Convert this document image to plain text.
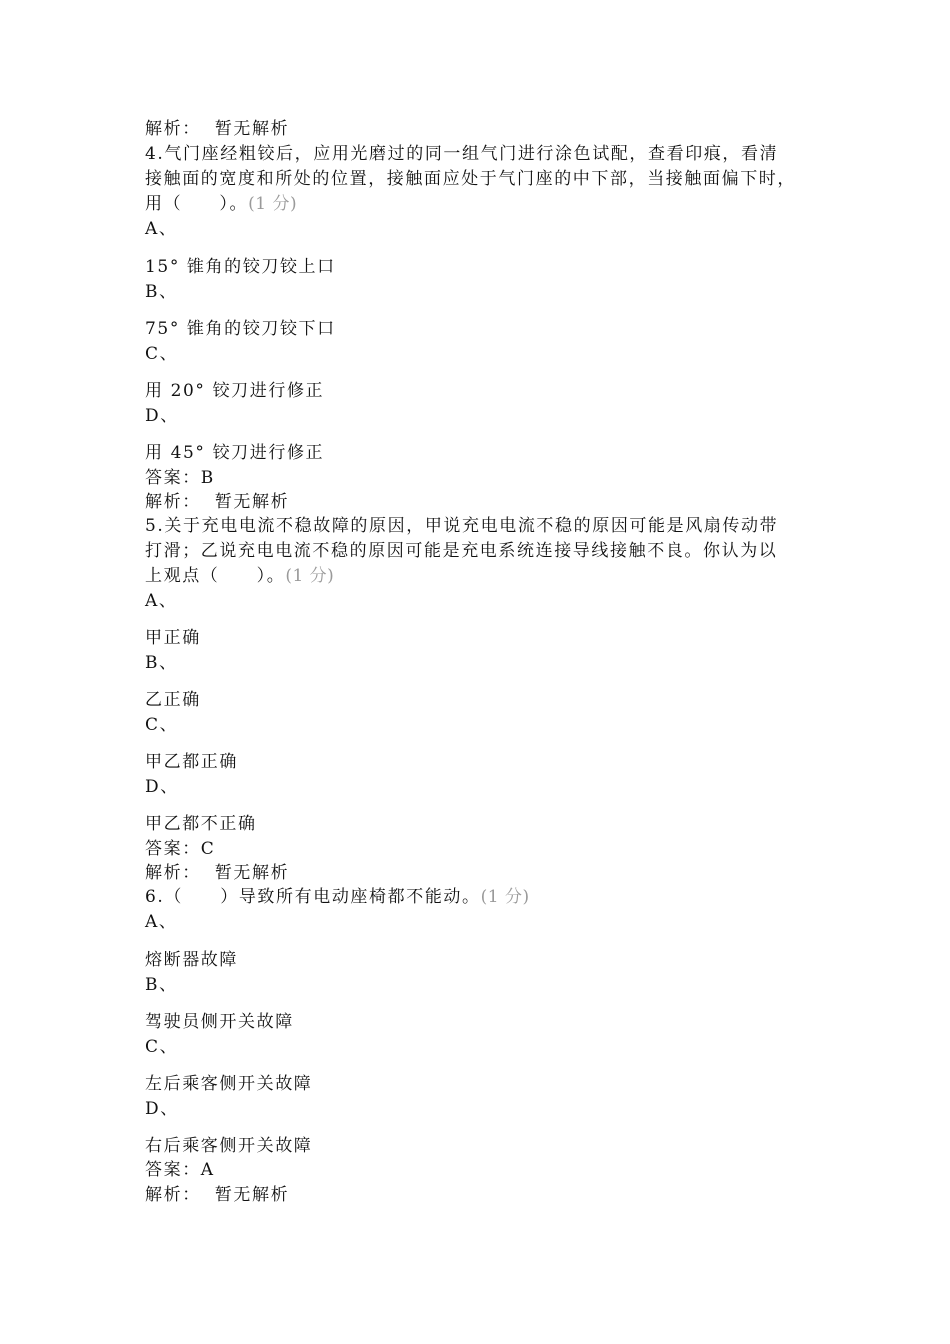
解析： 暂无解析
4.气门座经粗铰后，应用光磨过的同一组气门进行涂色试配，查看印痕，看清
接触面的宽度和所处的位置，接触面应处于气门座的中下部，当接触面偏下时，
用（　　）。(1 分)
A、
15° 锥角的铰刀铰上口
B、
75° 锥角的铰刀铰下口
C、
用 20° 铰刀进行修正
D、
用 45° 铰刀进行修正
答案：B
解析： 暂无解析
5.关于充电电流不稳故障的原因，甲说充电电流不稳的原因可能是风扇传动带
打滑；乙说充电电流不稳的原因可能是充电系统连接导线接触不良。你认为以
上观点（　　）。(1 分)
A、
甲正确
B、
乙正确
C、
甲乙都正确
D、
甲乙都不正确
答案：C
解析： 暂无解析
6.（　　）导致所有电动座椅都不能动。(1 分)
A、
熔断器故障
B、
驾驶员侧开关故障
C、
左后乘客侧开关故障
D、
右后乘客侧开关故障
答案：A
解析： 暂无解析
